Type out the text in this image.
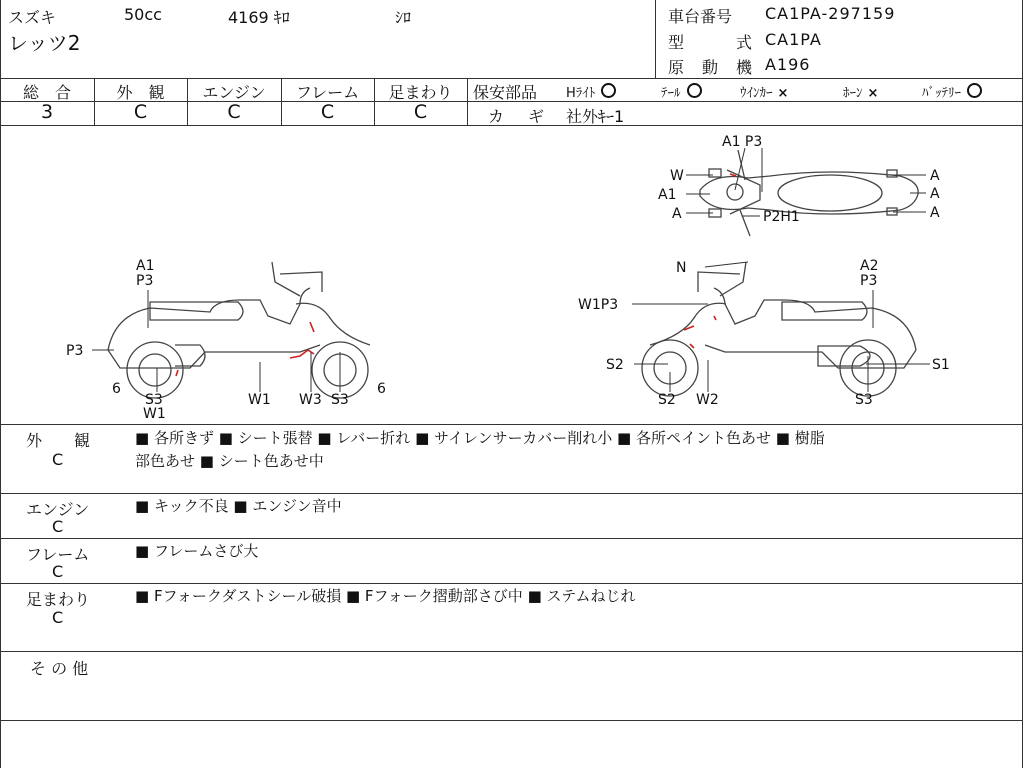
スズキ	50cc	4169 ｷﾛ	ｼﾛ
レッツ2
車台番号 CA1PA-297159
型	式 CA1PA
原 動 機 A196
総　合	外　観	エンジン	フレーム	足まわり
3	C	C	C	C
保安部品 Hﾗｲﾄ	ﾃｰﾙ	ｳｲﾝｶｰ ×	ﾎｰﾝ ×	ﾊﾞｯﾃﾘｰ
カ ギ 社外ｷｰ1
A1 P3
W
A1
A	P2H1
A
A
A
A1
P3
P3
6
S3
W1
W1 W3 S3
6
N	A2
P3
W1P3
S2	S1
S2 W2	S3
外　　観
C
■ 各所きず ■ シート張替 ■ レバー折れ ■ サイレンサーカバー削れ小 ■ 各所ペイント色あせ ■ 樹脂
部色あせ ■ シート色あせ中
エンジン
C
■ キック不良 ■ エンジン音中
フレーム
C
■ フレームさび大
足まわり
C
■ Fフォークダストシール破損 ■ Fフォーク摺動部さび中 ■ ステムねじれ
そ の 他
